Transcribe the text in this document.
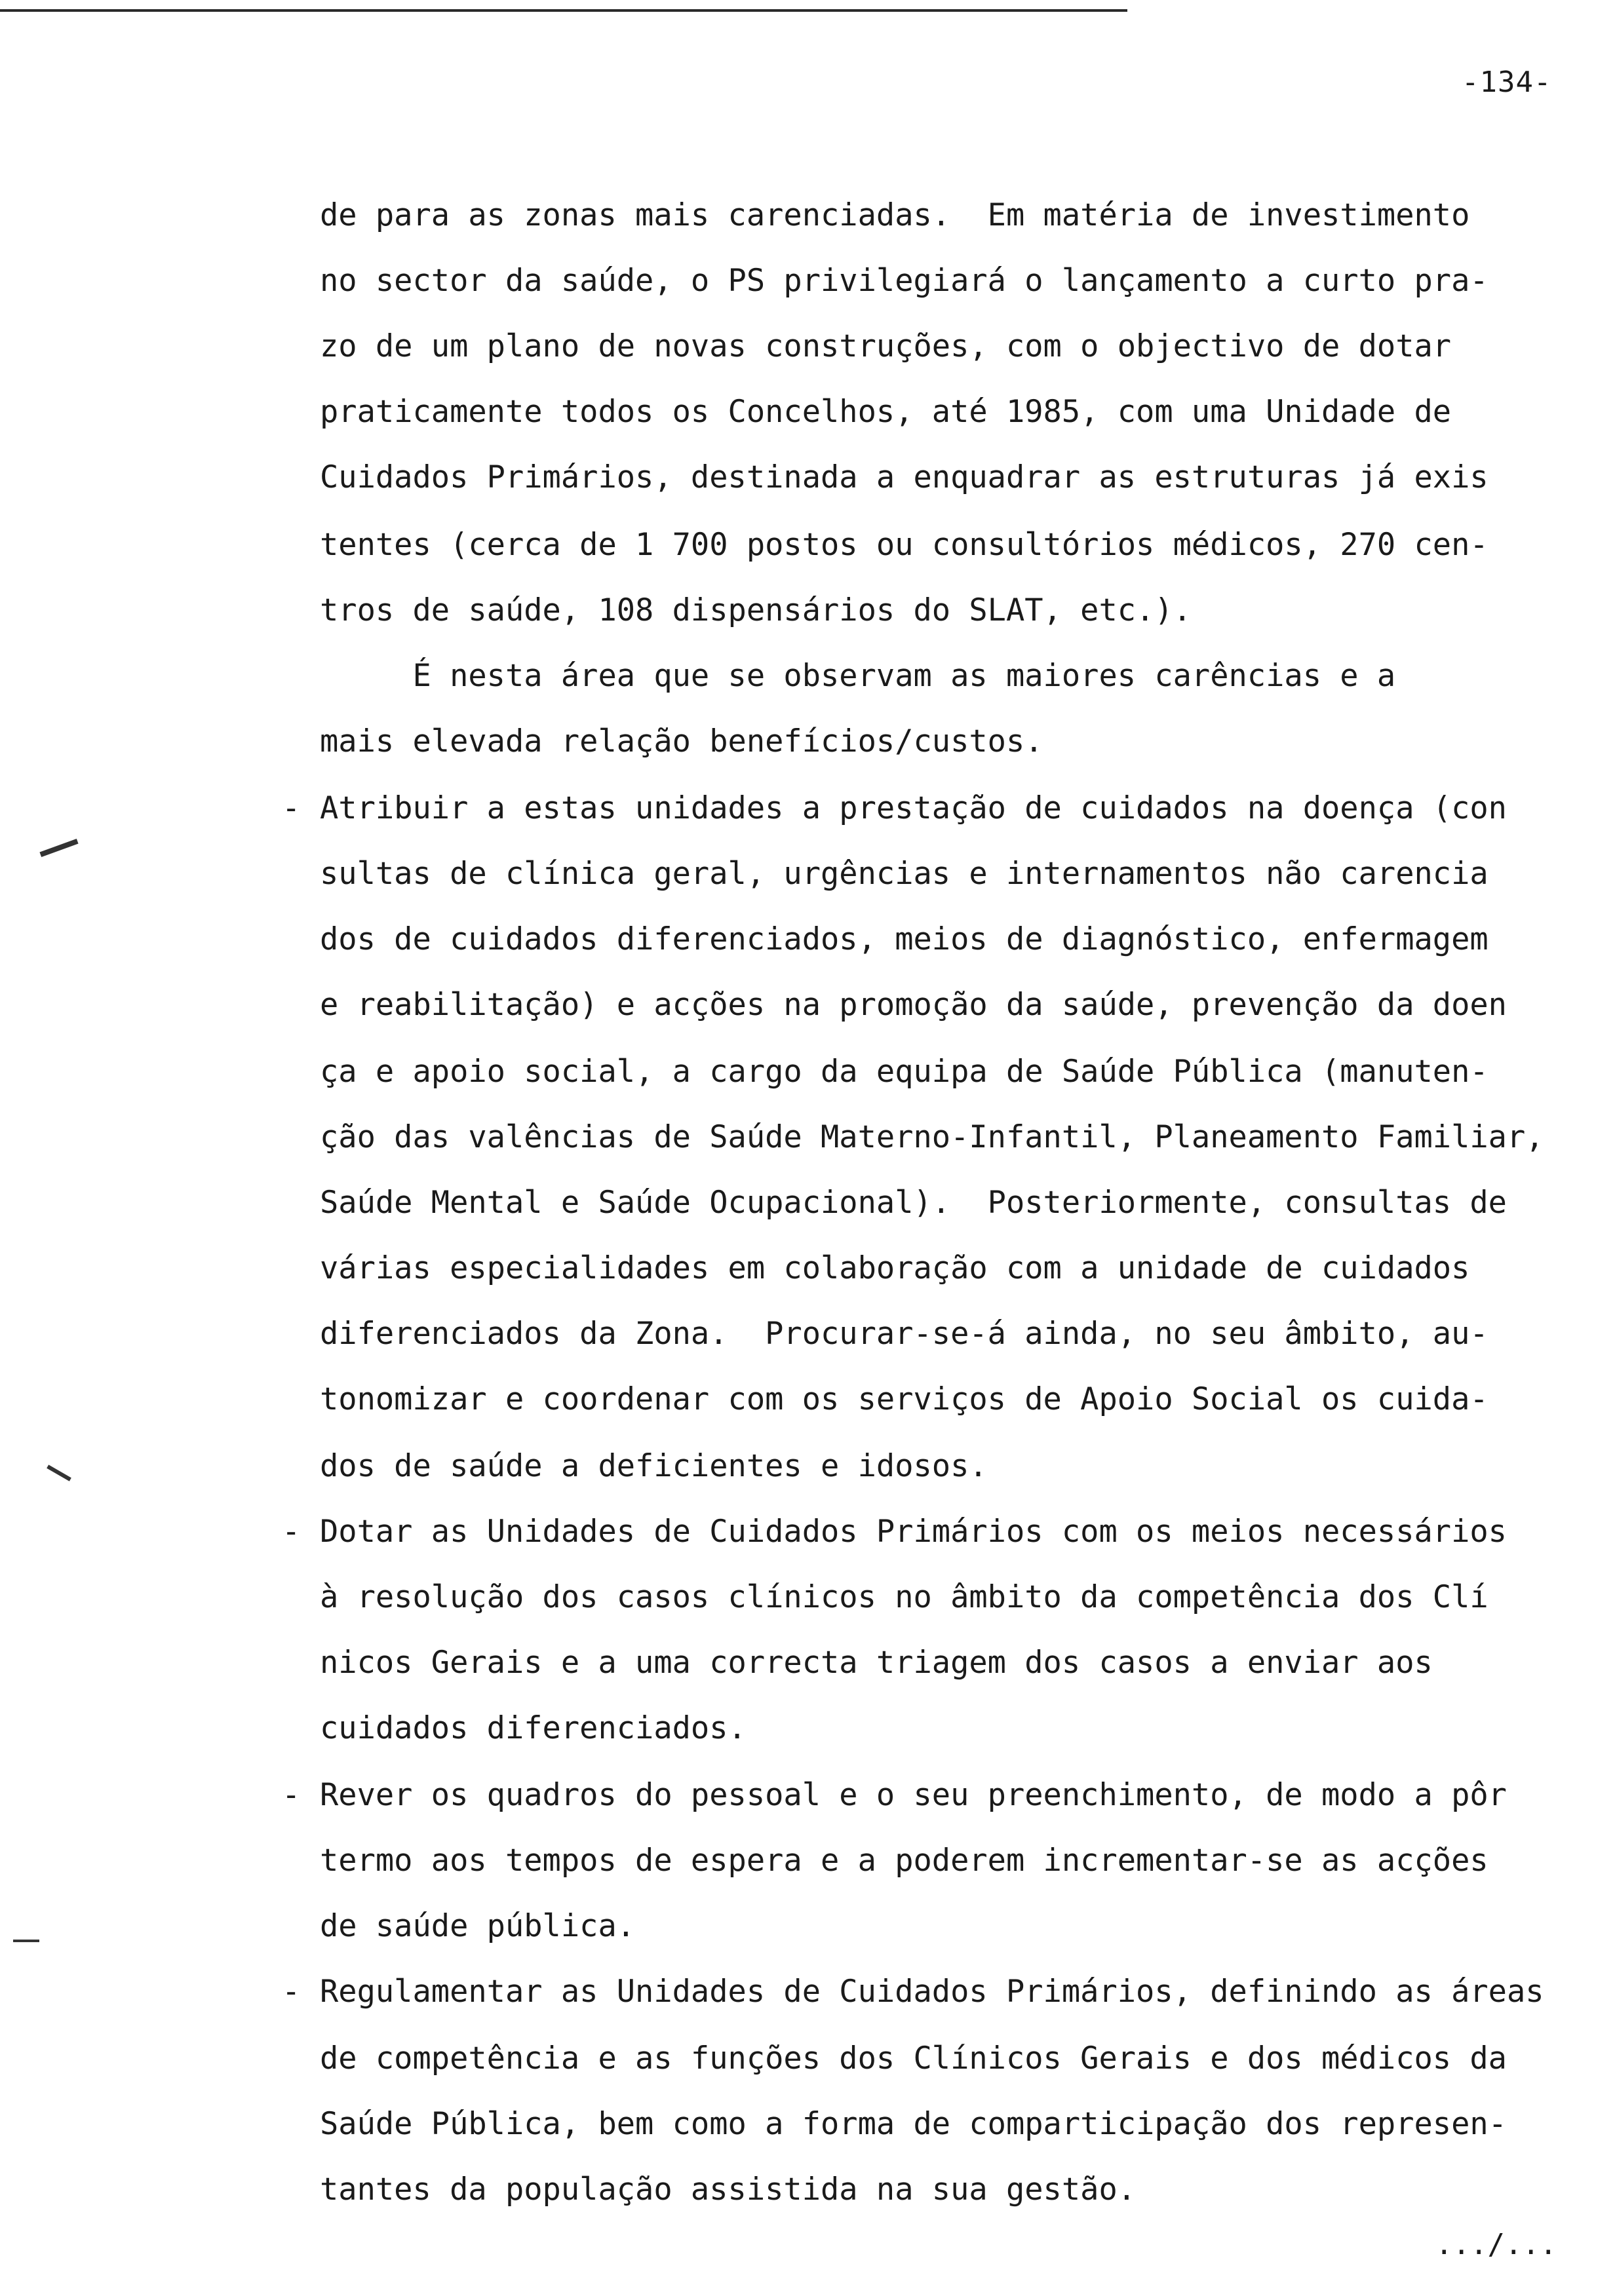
-134-
de para as zonas mais carenciadas.  Em matéria de investimento
no sector da saúde, o PS privilegiará o lançamento a curto pra-
zo de um plano de novas construções, com o objectivo de dotar
praticamente todos os Concelhos, até 1985, com uma Unidade de
Cuidados Primários, destinada a enquadrar as estruturas já exis
tentes (cerca de 1 700 postos ou consultórios médicos, 270 cen-
tros de saúde, 108 dispensários do SLAT, etc.).
É nesta área que se observam as maiores carências e a
mais elevada relação benefícios/custos.
Atribuir a estas unidades a prestação de cuidados na doença (con
-
sultas de clínica geral, urgências e internamentos não carencia
dos de cuidados diferenciados, meios de diagnóstico, enfermagem
e reabilitação) e acções na promoção da saúde, prevenção da doen
ça e apoio social, a cargo da equipa de Saúde Pública (manuten-
ção das valências de Saúde Materno-Infantil, Planeamento Familiar,
Saúde Mental e Saúde Ocupacional).  Posteriormente, consultas de
várias especialidades em colaboração com a unidade de cuidados
diferenciados da Zona.  Procurar-se-á ainda, no seu âmbito, au-
tonomizar e coordenar com os serviços de Apoio Social os cuida-
dos de saúde a deficientes e idosos.
Dotar as Unidades de Cuidados Primários com os meios necessários
-
à resolução dos casos clínicos no âmbito da competência dos Clí
nicos Gerais e a uma correcta triagem dos casos a enviar aos
cuidados diferenciados.
Rever os quadros do pessoal e o seu preenchimento, de modo a pôr
-
termo aos tempos de espera e a poderem incrementar-se as acções
de saúde pública.
Regulamentar as Unidades de Cuidados Primários, definindo as áreas
-
de competência e as funções dos Clínicos Gerais e dos médicos da
Saúde Pública, bem como a forma de comparticipação dos represen-
tantes da população assistida na sua gestão.
.../...
